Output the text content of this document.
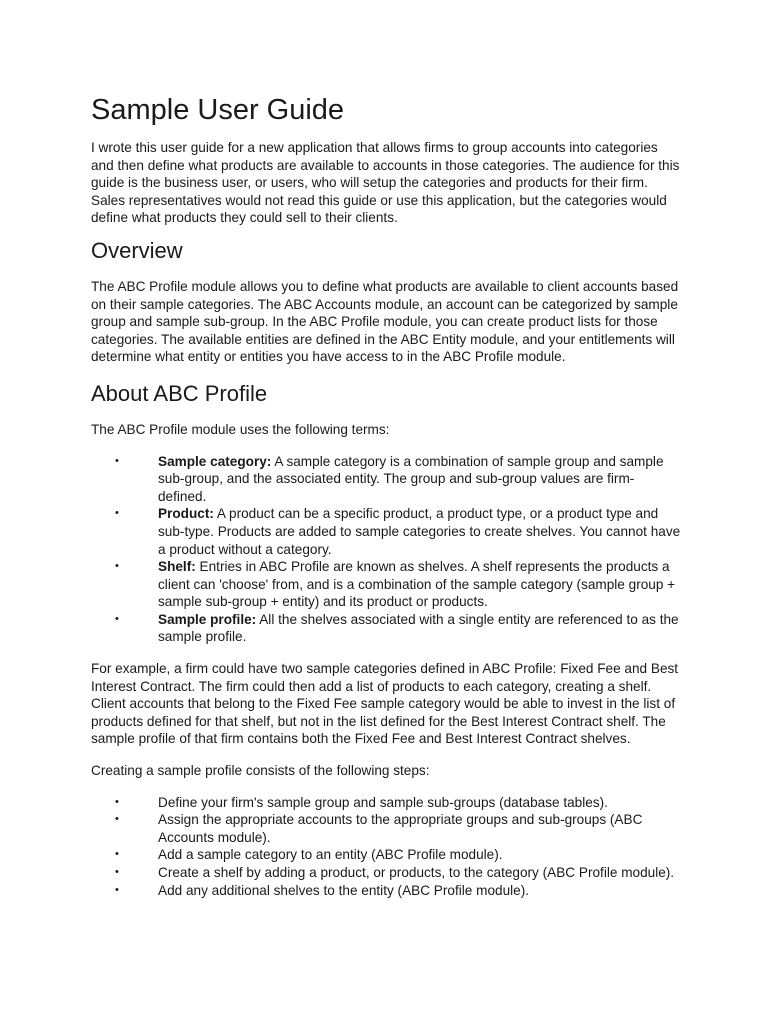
Sample User Guide

I wrote this user guide for a new application that allows firms to group accounts into categories and then define what products are available to accounts in those categories. The audience for this guide is the business user, or users, who will setup the categories and products for their firm. Sales representatives would not read this guide or use this application, but the categories would define what products they could sell to their clients.

Overview

The ABC Profile module allows you to define what products are available to client accounts based on their sample categories. The ABC Accounts module, an account can be categorized by sample group and sample sub-group. In the ABC Profile module, you can create product lists for those categories. The available entities are defined in the ABC Entity module, and your entitlements will determine what entity or entities you have access to in the ABC Profile module.

About ABC Profile

The ABC Profile module uses the following terms:

•	Sample category: A sample category is a combination of sample group and sample sub-group, and the associated entity. The group and sub-group values are firm-defined.
•	Product: A product can be a specific product, a product type, or a product type and sub-type. Products are added to sample categories to create shelves. You cannot have a product without a category.
•	Shelf: Entries in ABC Profile are known as shelves. A shelf represents the products a client can 'choose' from, and is a combination of the sample category (sample group + sample sub-group + entity) and its product or products.
•	Sample profile: All the shelves associated with a single entity are referenced to as the sample profile.

For example, a firm could have two sample categories defined in ABC Profile: Fixed Fee and Best Interest Contract. The firm could then add a list of products to each category, creating a shelf. Client accounts that belong to the Fixed Fee sample category would be able to invest in the list of products defined for that shelf, but not in the list defined for the Best Interest Contract shelf. The sample profile of that firm contains both the Fixed Fee and Best Interest Contract shelves.

Creating a sample profile consists of the following steps:

•	Define your firm's sample group and sample sub-groups (database tables).
•	Assign the appropriate accounts to the appropriate groups and sub-groups (ABC Accounts module).
•	Add a sample category to an entity (ABC Profile module).
•	Create a shelf by adding a product, or products, to the category (ABC Profile module).
•	Add any additional shelves to the entity (ABC Profile module).
